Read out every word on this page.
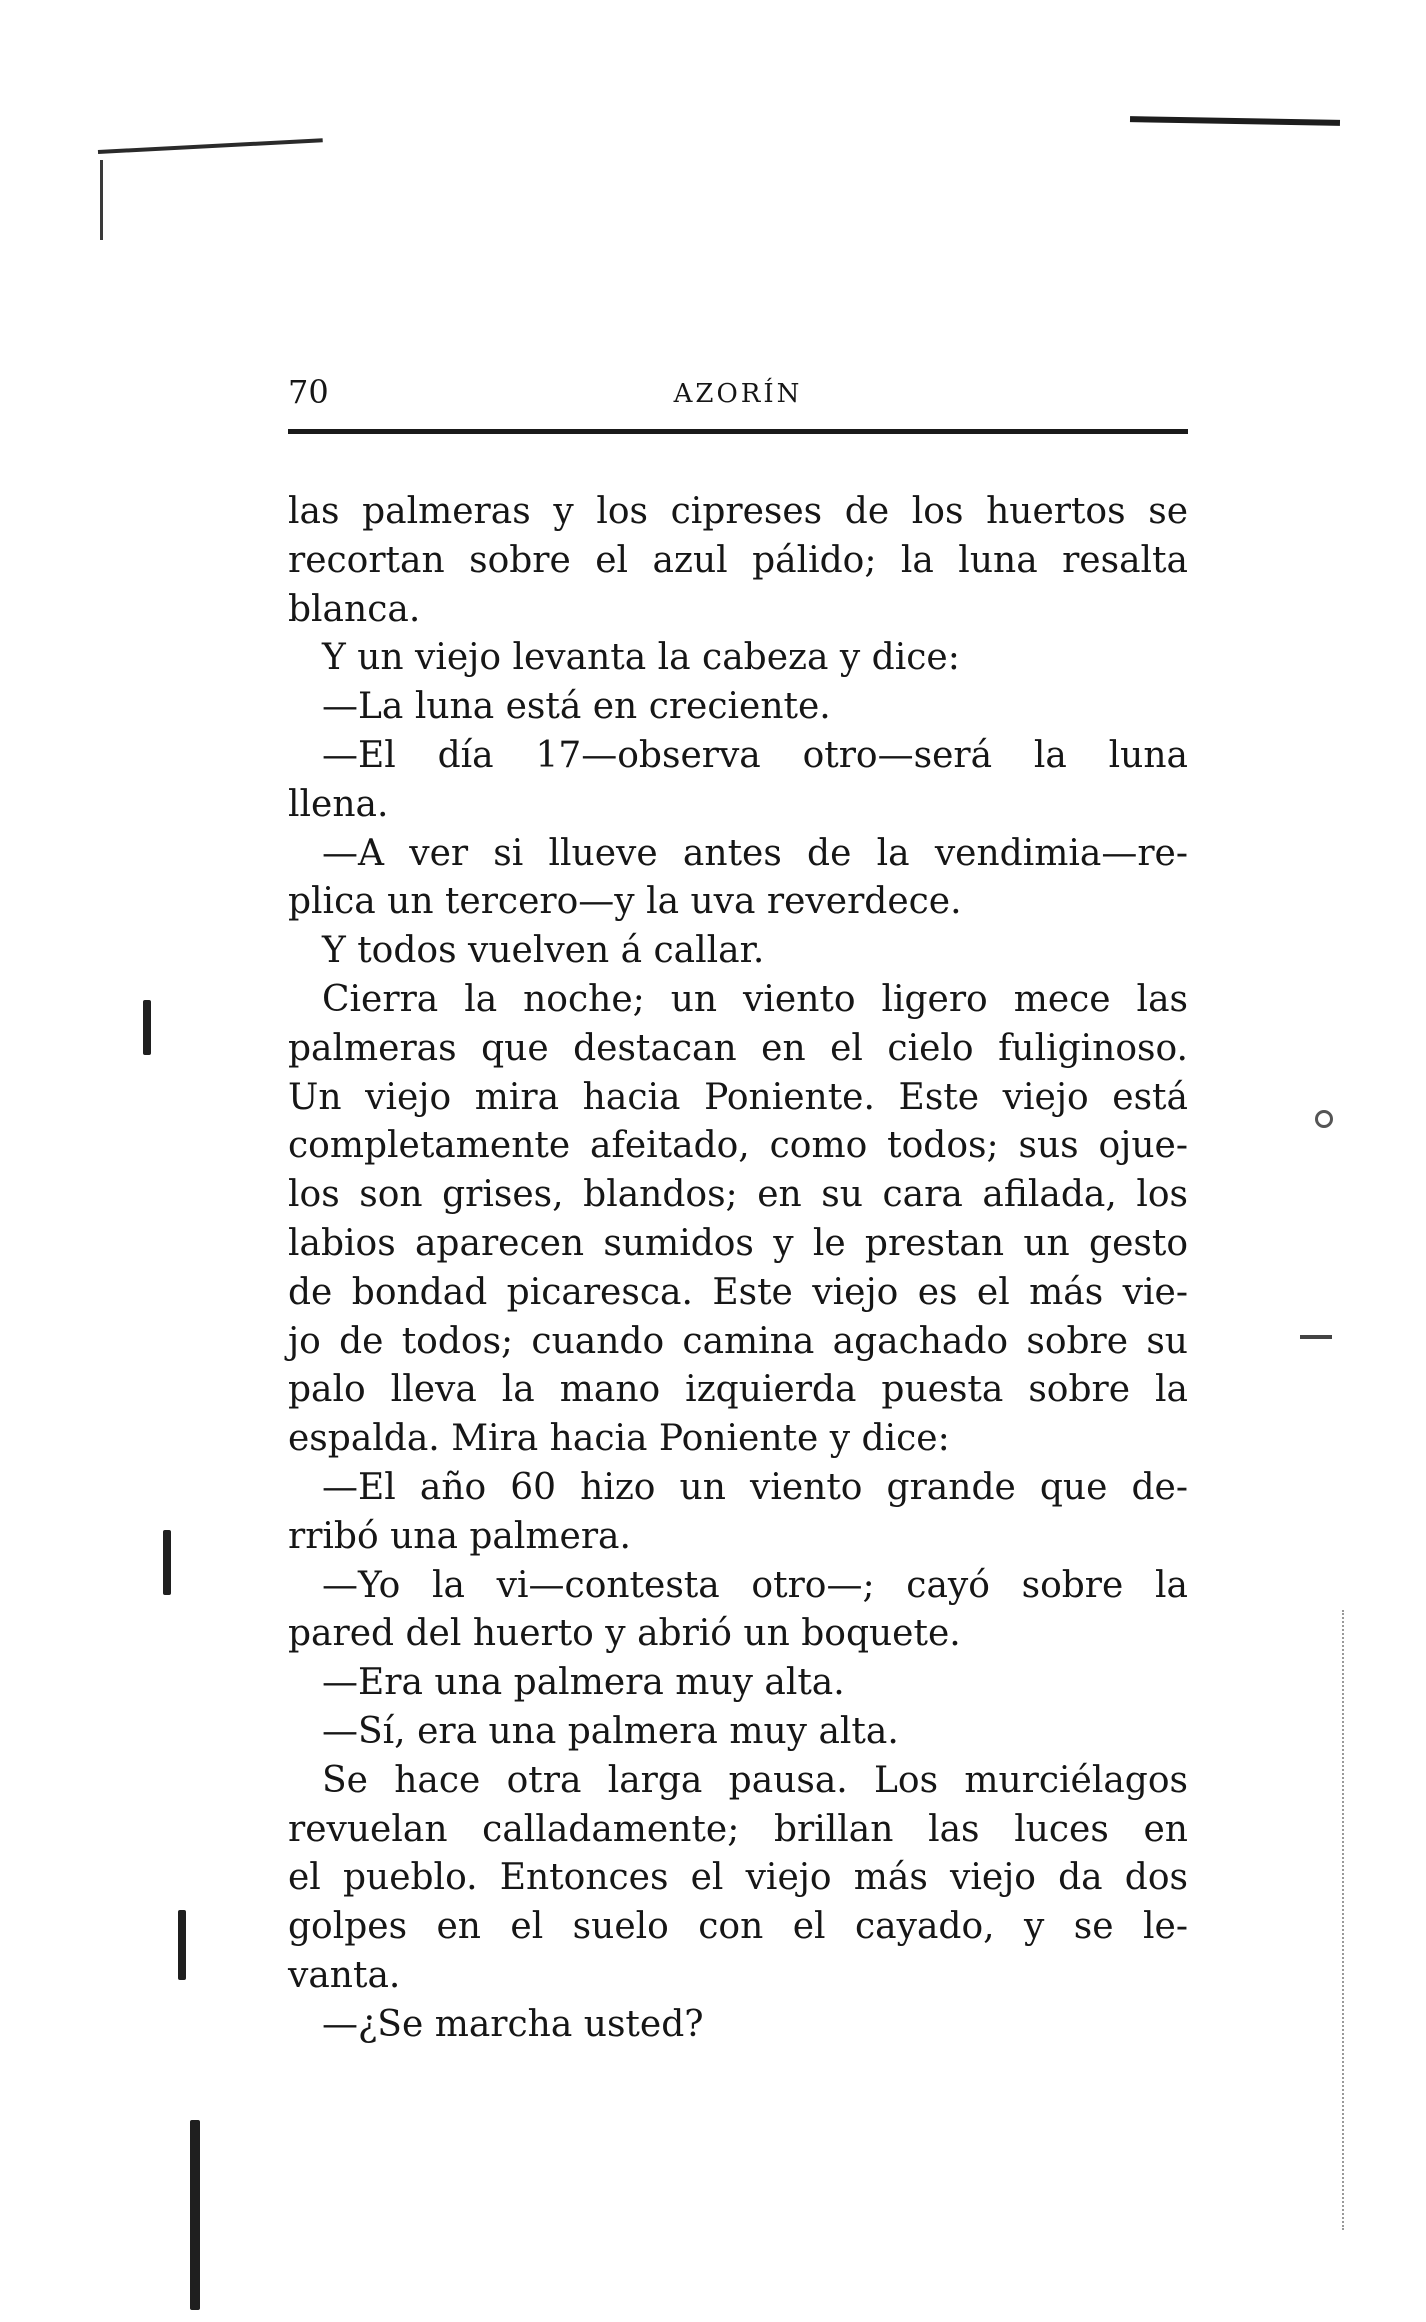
70	AZORÍN
las palmeras y los cipreses de los huertos se
recortan sobre el azul pálido; la luna resalta
blanca.
Y un viejo levanta la cabeza y dice:
—La luna está en creciente.
—El día 17—observa otro—será la luna
llena.
—A ver si llueve antes de la vendimia—re-
plica un tercero—y la uva reverdece.
Y todos vuelven á callar.
Cierra la noche; un viento ligero mece las
palmeras que destacan en el cielo fuliginoso.
Un viejo mira hacia Poniente. Este viejo está
completamente afeitado, como todos; sus ojue-
los son grises, blandos; en su cara afilada, los
labios aparecen sumidos y le prestan un gesto
de bondad picaresca. Este viejo es el más vie-
jo de todos; cuando camina agachado sobre su
palo lleva la mano izquierda puesta sobre la
espalda. Mira hacia Poniente y dice:
—El año 60 hizo un viento grande que de-
rribó una palmera.
—Yo la vi—contesta otro—; cayó sobre la
pared del huerto y abrió un boquete.
—Era una palmera muy alta.
—Sí, era una palmera muy alta.
Se hace otra larga pausa. Los murciélagos
revuelan calladamente; brillan las luces en
el pueblo. Entonces el viejo más viejo da dos
golpes en el suelo con el cayado, y se le-
vanta.
—¿Se marcha usted?
